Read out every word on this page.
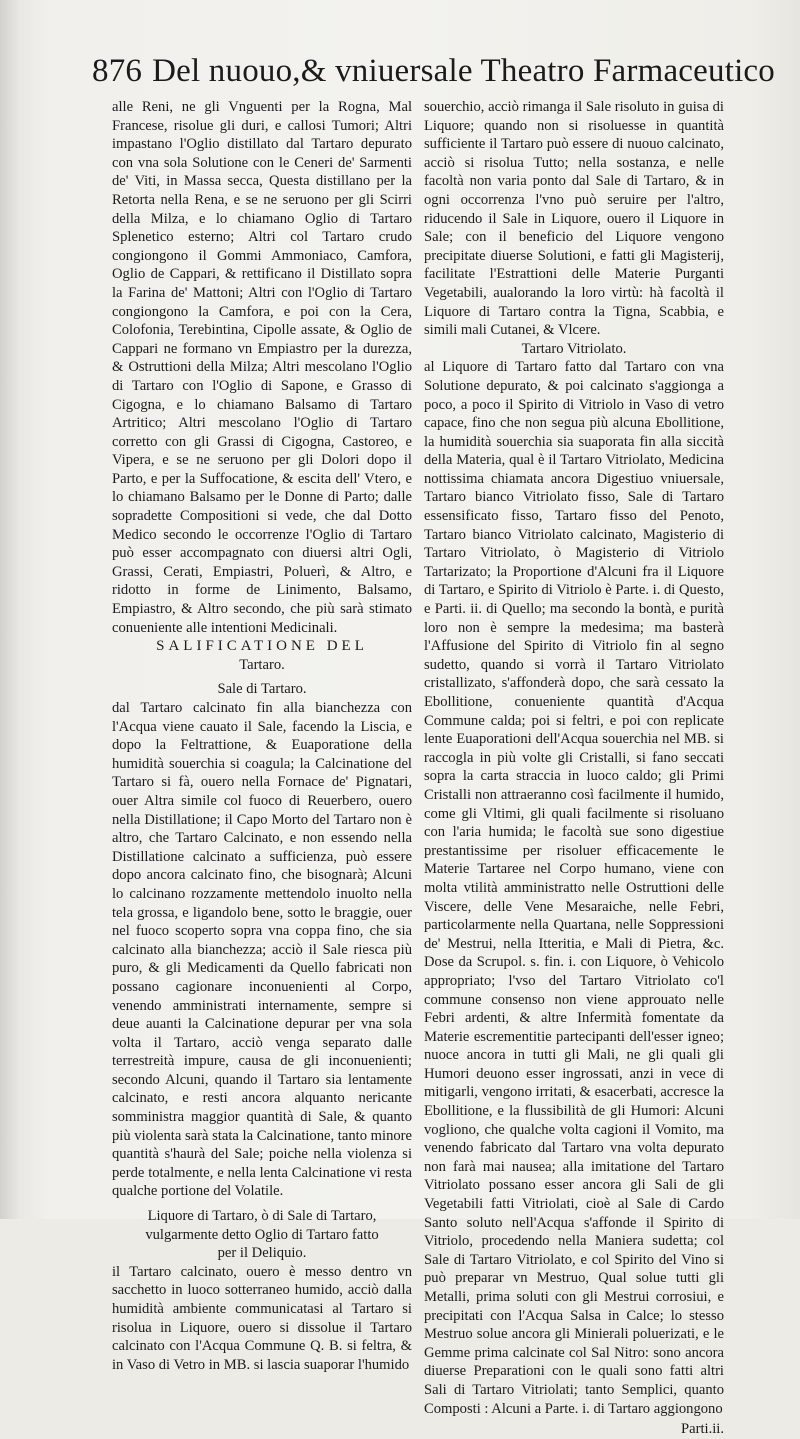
876 Del nuouo,& vniuersale Theatro Farmaceutico

alle Reni, ne gli Vnguenti per la Rogna, Mal Francese, risolue gli duri, e callosi Tumori; Altri impastano l'Oglio distillato dal Tartaro depurato con vna sola Solutione con le Ceneri de' Sarmenti de' Viti, in Massa secca, Questa distillano per la Retorta nella Rena, e se ne seruono per gli Scirri della Milza, e lo chiamano Oglio di Tartaro Splenetico esterno; Altri col Tartaro crudo congiongono il Gommi Ammoniaco, Camfora, Oglio de Cappari, & rettificano il Distillato sopra la Farina de' Mattoni; Altri con l'Oglio di Tartaro congiongono la Camfora, e poi con la Cera, Colofonia, Terebintina, Cipolle assate, & Oglio de Cappari ne formano vn Empiastro per la durezza, & Ostruttioni della Milza; Altri mescolano l'Oglio di Tartaro con l'Oglio di Sapone, e Grasso di Cigogna, e lo chiamano Balsamo di Tartaro Artritico; Altri mescolano l'Oglio di Tartaro corretto con gli Grassi di Cigogna, Castoreo, e Vipera, e se ne seruono per gli Dolori dopo il Parto, e per la Suffocatione, & escita dell' Vtero, e lo chiamano Balsamo per le Donne di Parto; dalle sopradette Compositioni si vede, che dal Dotto Medico secondo le occorrenze l'Oglio di Tartaro può esser accompagnato con diuersi altri Ogli, Grassi, Cerati, Empiastri, Poluerì, & Altro, e ridotto in forme de Linimento, Balsamo, Empiastro, & Altro secondo, che più sarà stimato conueniente alle intentioni Medicinali.

SALIFICATIONE DEL

Tartaro.

Sale di Tartaro.

dal Tartaro calcinato fin alla bianchezza con l'Acqua viene cauato il Sale, facendo la Liscia, e dopo la Feltrattione, & Euaporatione della humidità souerchia si coagula; la Calcinatione del Tartaro si fà, ouero nella Fornace de' Pignatari, ouer Altra simile col fuoco di Reuerbero, ouero nella Distillatione; il Capo Morto del Tartaro non è altro, che Tartaro Calcinato, e non essendo nella Distillatione calcinato a sufficienza, può essere dopo ancora calcinato fino, che bisognarà; Alcuni lo calcinano rozzamente mettendolo inuolto nella tela grossa, e ligandolo bene, sotto le braggie, ouer nel fuoco scoperto sopra vna coppa fino, che sia calcinato alla bianchezza; acciò il Sale riesca più puro, & gli Medicamenti da Quello fabricati non possano cagionare inconuenienti al Corpo, venendo amministrati internamente, sempre si deue auanti la Calcinatione depurar per vna sola volta il Tartaro, acciò venga separato dalle terrestreità impure, causa de gli inconuenienti; secondo Alcuni, quando il Tartaro sia lentamente calcinato, e resti ancora alquanto nericante somministra maggior quantità di Sale, & quanto più violenta sarà stata la Calcinatione, tanto minore quantità s'haurà del Sale; poiche nella violenza si perde totalmente, e nella lenta Calcinatione vi resta qualche portione del Volatile.

Liquore di Tartaro, ò di Sale di Tartaro, vulgarmente detto Oglio di Tartaro fatto

per il Deliquio.

il Tartaro calcinato, ouero è messo dentro vn sacchetto in luoco sotterraneo humido, acciò dalla humidità ambiente communicatasi al Tartaro si risolua in Liquore, ouero si dissolue il Tartaro calcinato con l'Acqua Commune Q. B. si feltra, & in Vaso di Vetro in MB. si lascia suaporar l'humido

souerchio, acciò rimanga il Sale risoluto in guisa di Liquore; quando non si risoluesse in quantità sufficiente il Tartaro può essere di nuouo calcinato, acciò si risolua Tutto; nella sostanza, e nelle facoltà non varia ponto dal Sale di Tartaro, & in ogni occorrenza l'vno può seruire per l'altro, riducendo il Sale in Liquore, ouero il Liquore in Sale; con il beneficio del Liquore vengono precipitate diuerse Solutioni, e fatti gli Magisterij, facilitate l'Estrattioni delle Materie Purganti Vegetabili, aualorando la loro virtù: hà facoltà il Liquore di Tartaro contra la Tigna, Scabbia, e simili mali Cutanei, & Vlcere.

Tartaro Vitriolato.

al Liquore di Tartaro fatto dal Tartaro con vna Solutione depurato, & poi calcinato s'aggionga a poco, a poco il Spirito di Vitriolo in Vaso di vetro capace, fino che non segua più alcuna Ebollitione, la humidità souerchia sia suaporata fin alla siccità della Materia, qual è il Tartaro Vitriolato, Medicina nottissima chiamata ancora Digestiuo vniuersale, Tartaro bianco Vitriolato fisso, Sale di Tartaro essensificato fisso, Tartaro fisso del Penoto, Tartaro bianco Vitriolato calcinato, Magisterio di Tartaro Vitriolato, ò Magisterio di Vitriolo Tartarizato; la Proportione d'Alcuni fra il Liquore di Tartaro, e Spirito di Vitriolo è Parte. i. di Questo, e Parti. ii. di Quello; ma secondo la bontà, e purità loro non è sempre la medesima; ma basterà l'Affusione del Spirito di Vitriolo fin al segno sudetto, quando si vorrà il Tartaro Vitriolato cristallizato, s'affonderà dopo, che sarà cessato la Ebollitione, conueniente quantità d'Acqua Commune calda; poi si feltri, e poi con replicate lente Euaporationi dell'Acqua souerchia nel MB. si raccogla in più volte gli Cristalli, si fano seccati sopra la carta straccia in luoco caldo; gli Primi Cristalli non attraeranno così facilmente il humido, come gli Vltimi, gli quali facilmente si risoluano con l'aria humida; le facoltà sue sono digestiue prestantissime per risoluer efficacemente le Materie Tartaree nel Corpo humano, viene con molta vtilità amministratto nelle Ostruttioni delle Viscere, delle Vene Mesaraiche, nelle Febri, particolarmente nella Quartana, nelle Soppressioni de' Mestrui, nella Itteritia, e Mali di Pietra, &c. Dose da Scrupol. s. fin. i. con Liquore, ò Vehicolo appropriato; l'vso del Tartaro Vitriolato co'l commune consenso non viene approuato nelle Febri ardenti, & altre Infermità fomentate da Materie escrementitie partecipanti dell'esser igneo; nuoce ancora in tutti gli Mali, ne gli quali gli Humori deuono esser ingrossati, anzi in vece di mitigarli, vengono irritati, & esacerbati, accresce la Ebollitione, e la flussibilità de gli Humori: Alcuni vogliono, che qualche volta cagioni il Vomito, ma venendo fabricato dal Tartaro vna volta depurato non farà mai nausea; alla imitatione del Tartaro Vitriolato possano esser ancora gli Sali de gli Vegetabili fatti Vitriolati, cioè al Sale di Cardo Santo soluto nell'Acqua s'affonde il Spirito di Vitriolo, procedendo nella Maniera sudetta; col Sale di Tartaro Vitriolato, e col Spirito del Vino si può preparar vn Mestruo, Qual solue tutti gli Metalli, prima soluti con gli Mestrui corrosiui, e precipitati con l'Acqua Salsa in Calce; lo stesso Mestruo solue ancora gli Minierali poluerizati, e le Gemme prima calcinate col Sal Nitro: sono ancora diuerse Preparationi con le quali sono fatti altri Sali di Tartaro Vitriolati; tanto Semplici, quanto Composti : Alcuni a Parte. i. di Tartaro aggiongono

Parti.ii.
